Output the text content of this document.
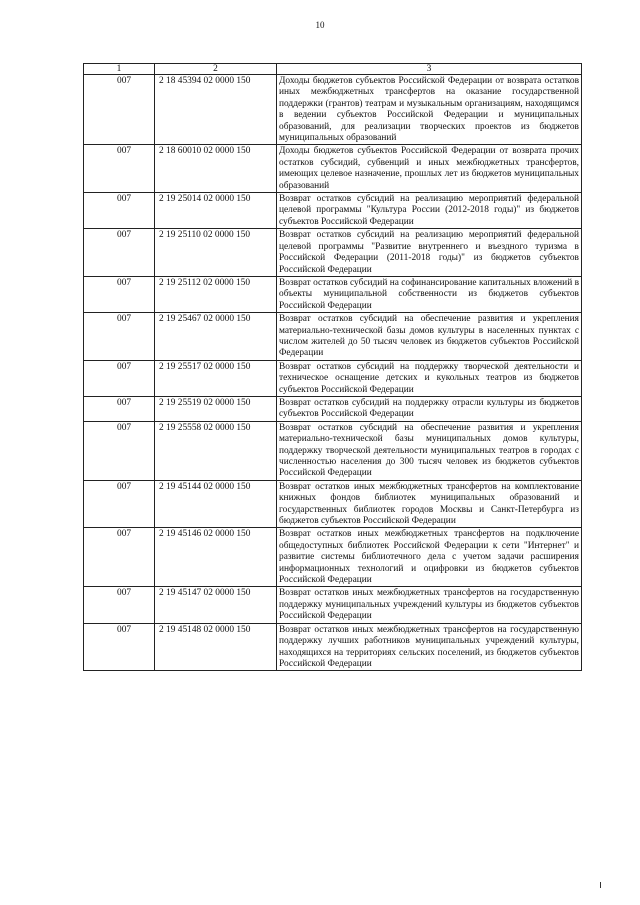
10
1	2	3
007	2 18 45394 02 0000 150	Доходы бюджетов субъектов Российской Федерации от возврата остатков иных межбюджетных трансфертов на оказание государственной поддержки (грантов) театрам и музыкальным организациям, находящимся в ведении субъектов Российской Федерации и муниципальных образований, для реализации творческих проектов из бюджетов муниципальных образований
007	2 18 60010 02 0000 150	Доходы бюджетов субъектов Российской Федерации от возврата прочих остатков субсидий, субвенций и иных межбюджетных трансфертов, имеющих целевое назначение, прошлых лет из бюджетов муниципальных образований
007	2 19 25014 02 0000 150	Возврат остатков субсидий на реализацию мероприятий федеральной целевой программы "Культура России (2012-2018 годы)" из бюджетов субъектов Российской Федерации
007	2 19 25110 02 0000 150	Возврат остатков субсидий на реализацию мероприятий федеральной целевой программы "Развитие внутреннего и въездного туризма в Российской Федерации (2011-2018 годы)" из бюджетов субъектов Российской Федерации
007	2 19 25112 02 0000 150	Возврат остатков субсидий на софинансирование капитальных вложений в объекты муниципальной собственности из бюджетов субъектов Российской Федерации
007	2 19 25467 02 0000 150	Возврат остатков субсидий на обеспечение развития и укрепления материально-технической базы домов культуры в населенных пунктах с числом жителей до 50 тысяч человек из бюджетов субъектов Российской Федерации
007	2 19 25517 02 0000 150	Возврат остатков субсидий на поддержку творческой деятельности и техническое оснащение детских и кукольных театров из бюджетов субъектов Российской Федерации
007	2 19 25519 02 0000 150	Возврат остатков субсидий на поддержку отрасли культуры из бюджетов субъектов Российской Федерации
007	2 19 25558 02 0000 150	Возврат остатков субсидий на обеспечение развития и укрепления материально-технической базы муниципальных домов культуры, поддержку творческой деятельности муниципальных театров в городах с численностью населения до 300 тысяч человек из бюджетов субъектов Российской Федерации
007	2 19 45144 02 0000 150	Возврат остатков иных межбюджетных трансфертов на комплектование книжных фондов библиотек муниципальных образований и государственных библиотек городов Москвы и Санкт-Петербурга из бюджетов субъектов Российской Федерации
007	2 19 45146 02 0000 150	Возврат остатков иных межбюджетных трансфертов на подключение общедоступных библиотек Российской Федерации к сети "Интернет" и развитие системы библиотечного дела с учетом задачи расширения информационных технологий и оцифровки из бюджетов субъектов Российской Федерации
007	2 19 45147 02 0000 150	Возврат остатков иных межбюджетных трансфертов на государственную поддержку муниципальных учреждений культуры из бюджетов субъектов Российской Федерации
007	2 19 45148 02 0000 150	Возврат остатков иных межбюджетных трансфертов на государственную поддержку лучших работников муниципальных учреждений культуры, находящихся на территориях сельских поселений, из бюджетов субъектов Российской Федерации
